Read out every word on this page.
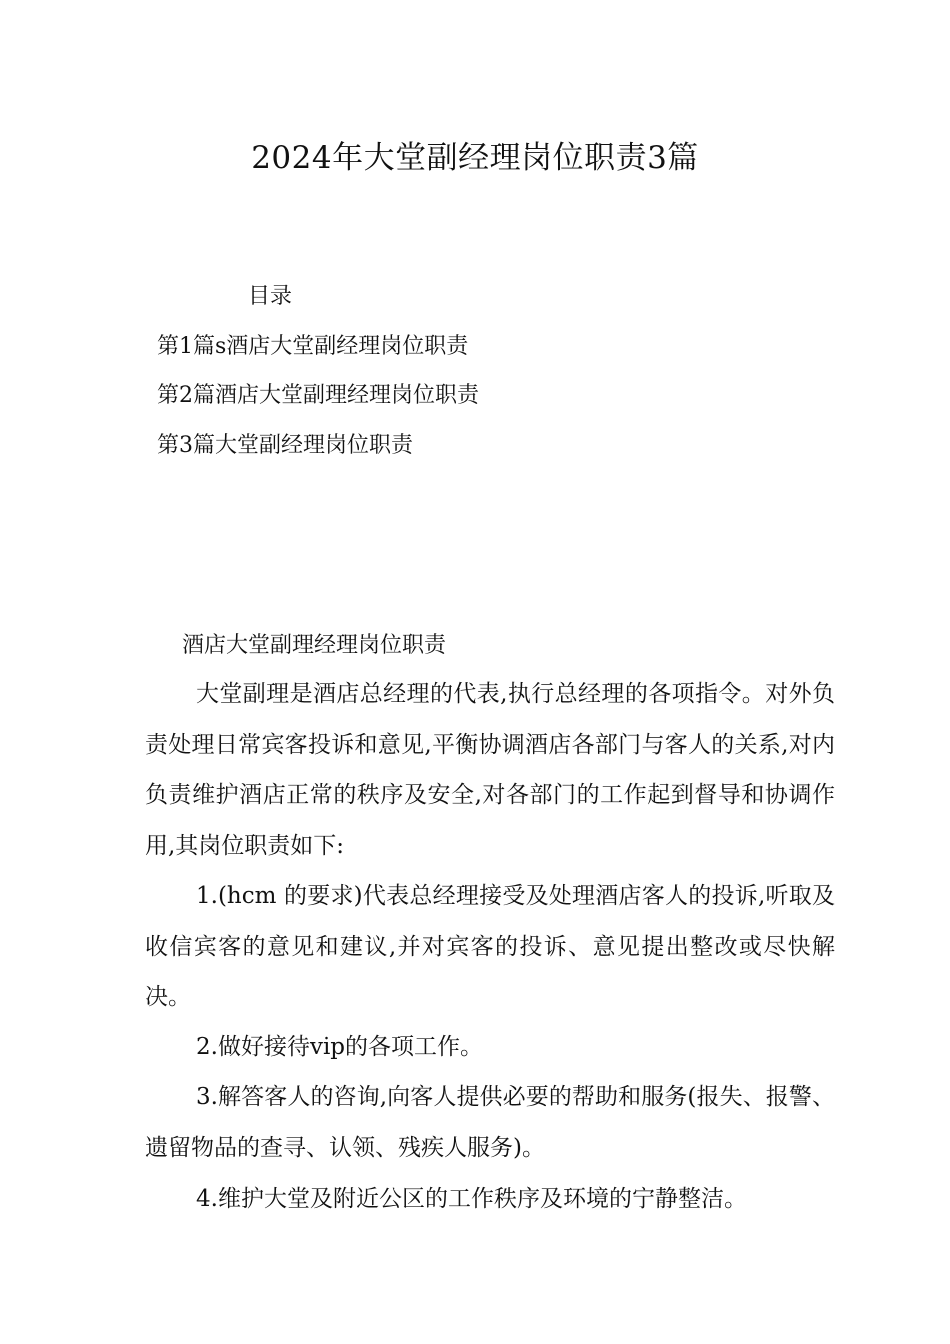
2024年大堂副经理岗位职责3篇
目录
第1篇s酒店大堂副经理岗位职责
第2篇酒店大堂副理经理岗位职责
第3篇大堂副经理岗位职责
酒店大堂副理经理岗位职责

大堂副理是酒店总经理的代表,执行总经理的各项指令。对外负责处理日常宾客投诉和意见,平衡协调酒店各部门与客人的关系,对内负责维护酒店正常的秩序及安全,对各部门的工作起到督导和协调作用,其岗位职责如下:

1.(hcm 的要求)代表总经理接受及处理酒店客人的投诉,听取及收信宾客的意见和建议,并对宾客的投诉、意见提出整改或尽快解决。

2.做好接待vip的各项工作。

3.解答客人的咨询,向客人提供必要的帮助和服务(报失、报警、遗留物品的查寻、认领、残疾人服务)。

4.维护大堂及附近公区的工作秩序及环境的宁静整洁。
